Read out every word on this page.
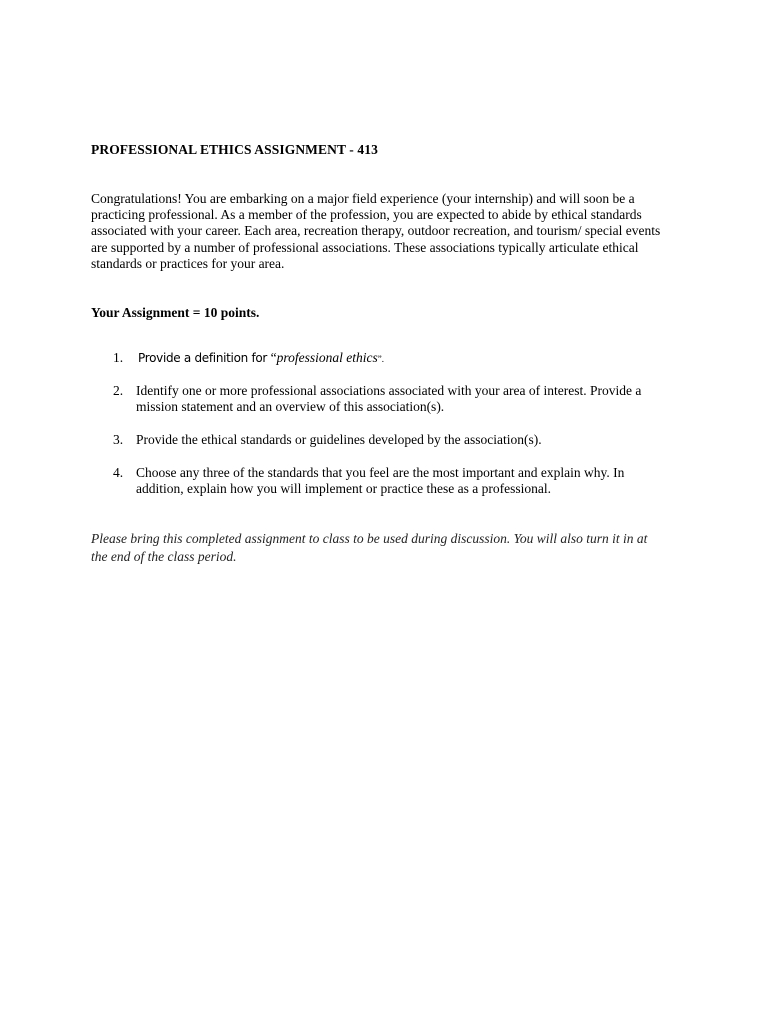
PROFESSIONAL ETHICS ASSIGNMENT - 413
Congratulations! You are embarking on a major field experience (your internship) and will soon be a
practicing professional. As a member of the profession, you are expected to abide by ethical standards
associated with your career. Each area, recreation therapy, outdoor recreation, and tourism/ special events
are supported by a number of professional associations. These associations typically articulate ethical
standards or practices for your area.
Your Assignment = 10 points.
1. Provide a definition for “professional ethics”.
2. Identify one or more professional associations associated with your area of interest. Provide a
mission statement and an overview of this association(s).
3. Provide the ethical standards or guidelines developed by the association(s).
4. Choose any three of the standards that you feel are the most important and explain why. In
addition, explain how you will implement or practice these as a professional.
Please bring this completed assignment to class to be used during discussion. You will also turn it in at
the end of the class period.
